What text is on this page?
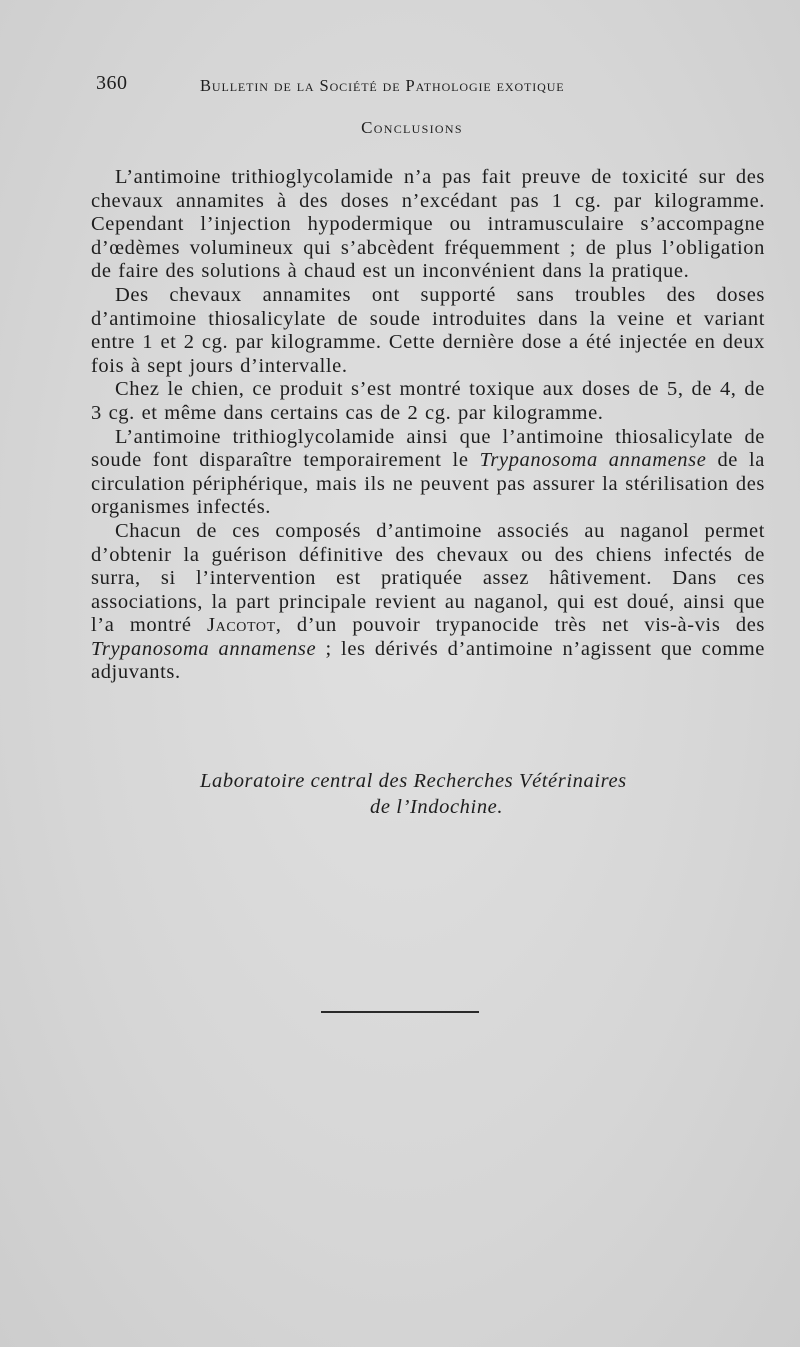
360	Bulletin de la Société de Pathologie exotique
Conclusions

L’antimoine trithioglycolamide n’a pas fait preuve de toxicité sur des chevaux annamites à des doses n’excédant pas 1 cg. par kilogramme. Cependant l’injection hypodermique ou intramusculaire s’accompagne d’œdèmes volumineux qui s’abcèdent fréquemment ; de plus l’obligation de faire des solutions à chaud est un inconvénient dans la pratique.

Des chevaux annamites ont supporté sans troubles des doses d’antimoine thiosalicylate de soude introduites dans la veine et variant entre 1 et 2 cg. par kilogramme. Cette dernière dose a été injectée en deux fois à sept jours d’intervalle.

Chez le chien, ce produit s’est montré toxique aux doses de 5, de 4, de 3 cg. et même dans certains cas de 2 cg. par kilogramme.

L’antimoine trithioglycolamide ainsi que l’antimoine thiosalicylate de soude font disparaître temporairement le Trypanosoma annamense de la circulation périphérique, mais ils ne peuvent pas assurer la stérilisation des organismes infectés.

Chacun de ces composés d’antimoine associés au naganol permet d’obtenir la guérison définitive des chevaux ou des chiens infectés de surra, si l’intervention est pratiquée assez hâtivement. Dans ces associations, la part principale revient au naganol, qui est doué, ainsi que l’a montré Jacotot, d’un pouvoir trypanocide très net vis-à-vis des Trypanosoma annamense ; les dérivés d’antimoine n’agissent que comme adjuvants.

Laboratoire central des Recherches Vétérinaires
de l’Indochine.
